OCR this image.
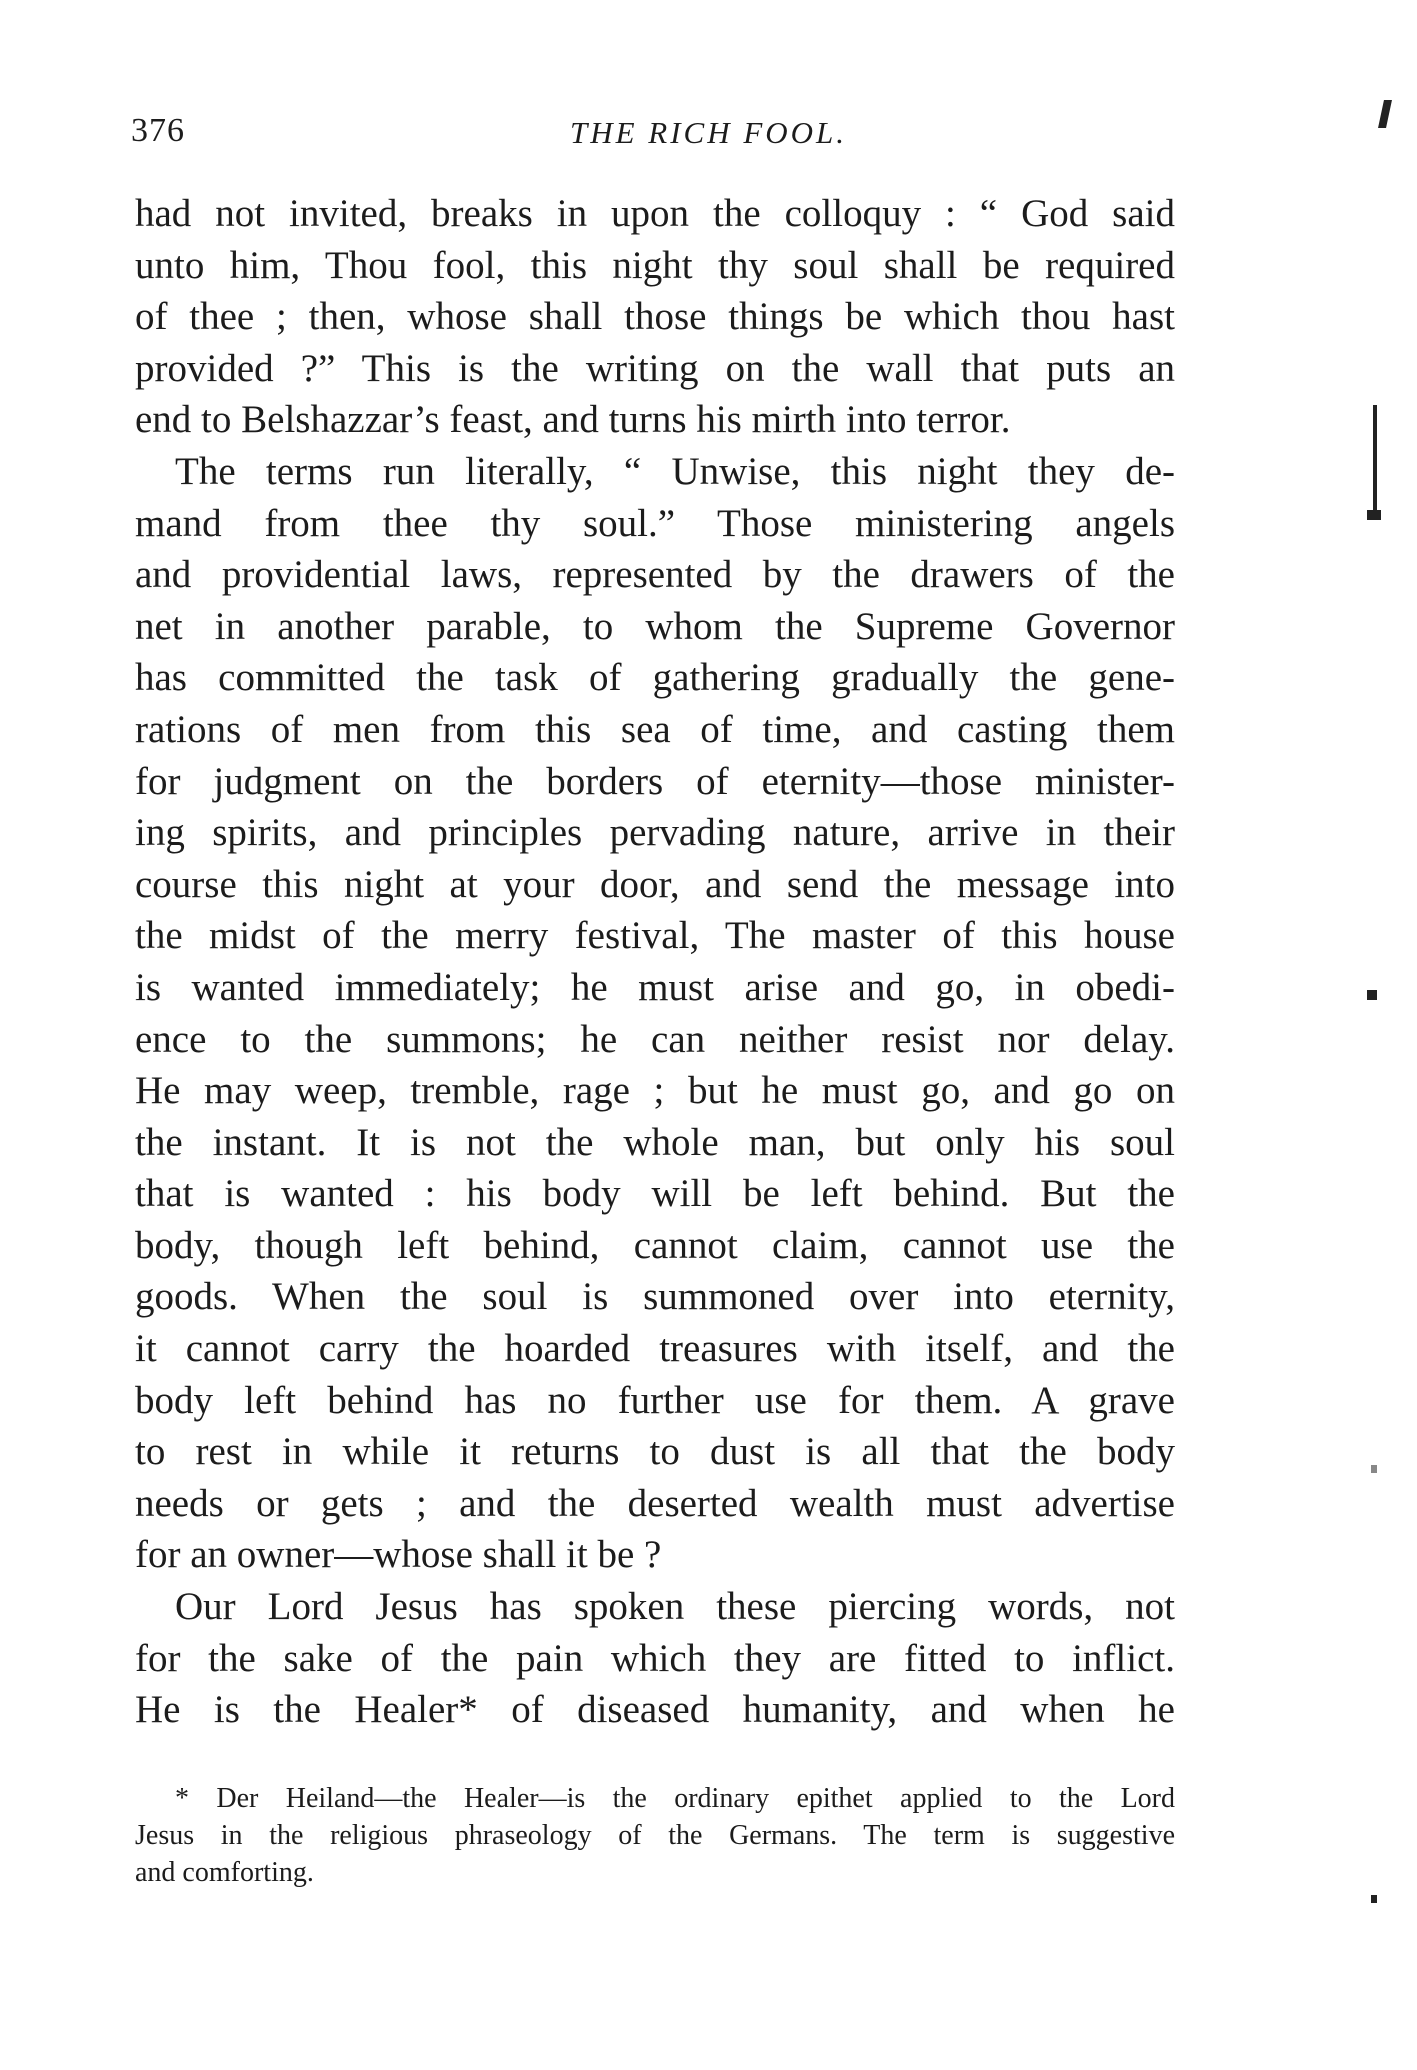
376	THE RICH FOOL.
had not invited, breaks in upon the colloquy : “ God said
unto him, Thou fool, this night thy soul shall be required
of thee ; then, whose shall those things be which thou hast
provided ?” This is the writing on the wall that puts an
end to Belshazzar’s feast, and turns his mirth into terror.
The terms run literally, “ Unwise, this night they de-
mand from thee thy soul.” Those ministering angels
and providential laws, represented by the drawers of the
net in another parable, to whom the Supreme Governor
has committed the task of gathering gradually the gene-
rations of men from this sea of time, and casting them
for judgment on the borders of eternity—those minister-
ing spirits, and principles pervading nature, arrive in their
course this night at your door, and send the message into
the midst of the merry festival, The master of this house
is wanted immediately; he must arise and go, in obedi-
ence to the summons; he can neither resist nor delay.
He may weep, tremble, rage ; but he must go, and go on
the instant. It is not the whole man, but only his soul
that is wanted : his body will be left behind. But the
body, though left behind, cannot claim, cannot use the
goods. When the soul is summoned over into eternity,
it cannot carry the hoarded treasures with itself, and the
body left behind has no further use for them. A grave
to rest in while it returns to dust is all that the body
needs or gets ; and the deserted wealth must advertise
for an owner—whose shall it be ?
Our Lord Jesus has spoken these piercing words, not
for the sake of the pain which they are fitted to inflict.
He is the Healer* of diseased humanity, and when he
* Der Heiland—the Healer—is the ordinary epithet applied to the Lord
Jesus in the religious phraseology of the Germans. The term is suggestive
and comforting.
